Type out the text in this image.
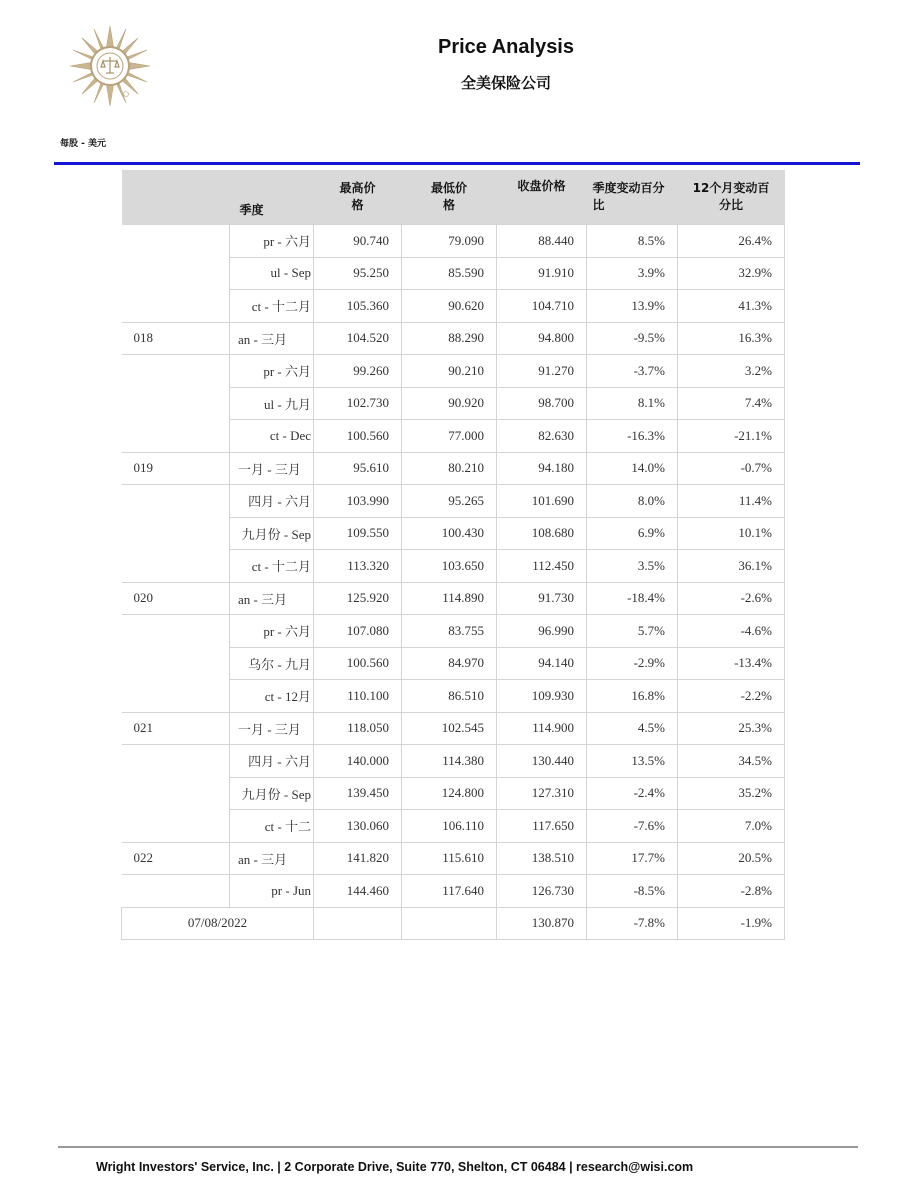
Price Analysis
全美保险公司
每股 - 美元
	季度	最高价格	最低价格	收盘价格	季度变动百分比	12个月变动百分比
	pr - 六月	90.740	79.090	88.440	8.5%	26.4%
	ul - Sep	95.250	85.590	91.910	3.9%	32.9%
	ct - 十二月	105.360	90.620	104.710	13.9%	41.3%
018	an - 三月	104.520	88.290	94.800	-9.5%	16.3%
	pr - 六月	99.260	90.210	91.270	-3.7%	3.2%
	ul - 九月	102.730	90.920	98.700	8.1%	7.4%
	ct - Dec	100.560	77.000	82.630	-16.3%	-21.1%
019	一月 - 三月	95.610	80.210	94.180	14.0%	-0.7%
	四月 - 六月	103.990	95.265	101.690	8.0%	11.4%
	九月份 - Sep	109.550	100.430	108.680	6.9%	10.1%
	ct - 十二月	113.320	103.650	112.450	3.5%	36.1%
020	an - 三月	125.920	114.890	91.730	-18.4%	-2.6%
	pr - 六月	107.080	83.755	96.990	5.7%	-4.6%
	乌尔 - 九月	100.560	84.970	94.140	-2.9%	-13.4%
	ct - 12月	110.100	86.510	109.930	16.8%	-2.2%
021	一月 - 三月	118.050	102.545	114.900	4.5%	25.3%
	四月 - 六月	140.000	114.380	130.440	13.5%	34.5%
	九月份 - Sep	139.450	124.800	127.310	-2.4%	35.2%
	ct - 十二	130.060	106.110	117.650	-7.6%	7.0%
022	an - 三月	141.820	115.610	138.510	17.7%	20.5%
	pr - Jun	144.460	117.640	126.730	-8.5%	-2.8%
07/08/2022				130.870	-7.8%	-1.9%
Wright Investors' Service, Inc. | 2 Corporate Drive, Suite 770, Shelton, CT 06484 | research@wisi.com
